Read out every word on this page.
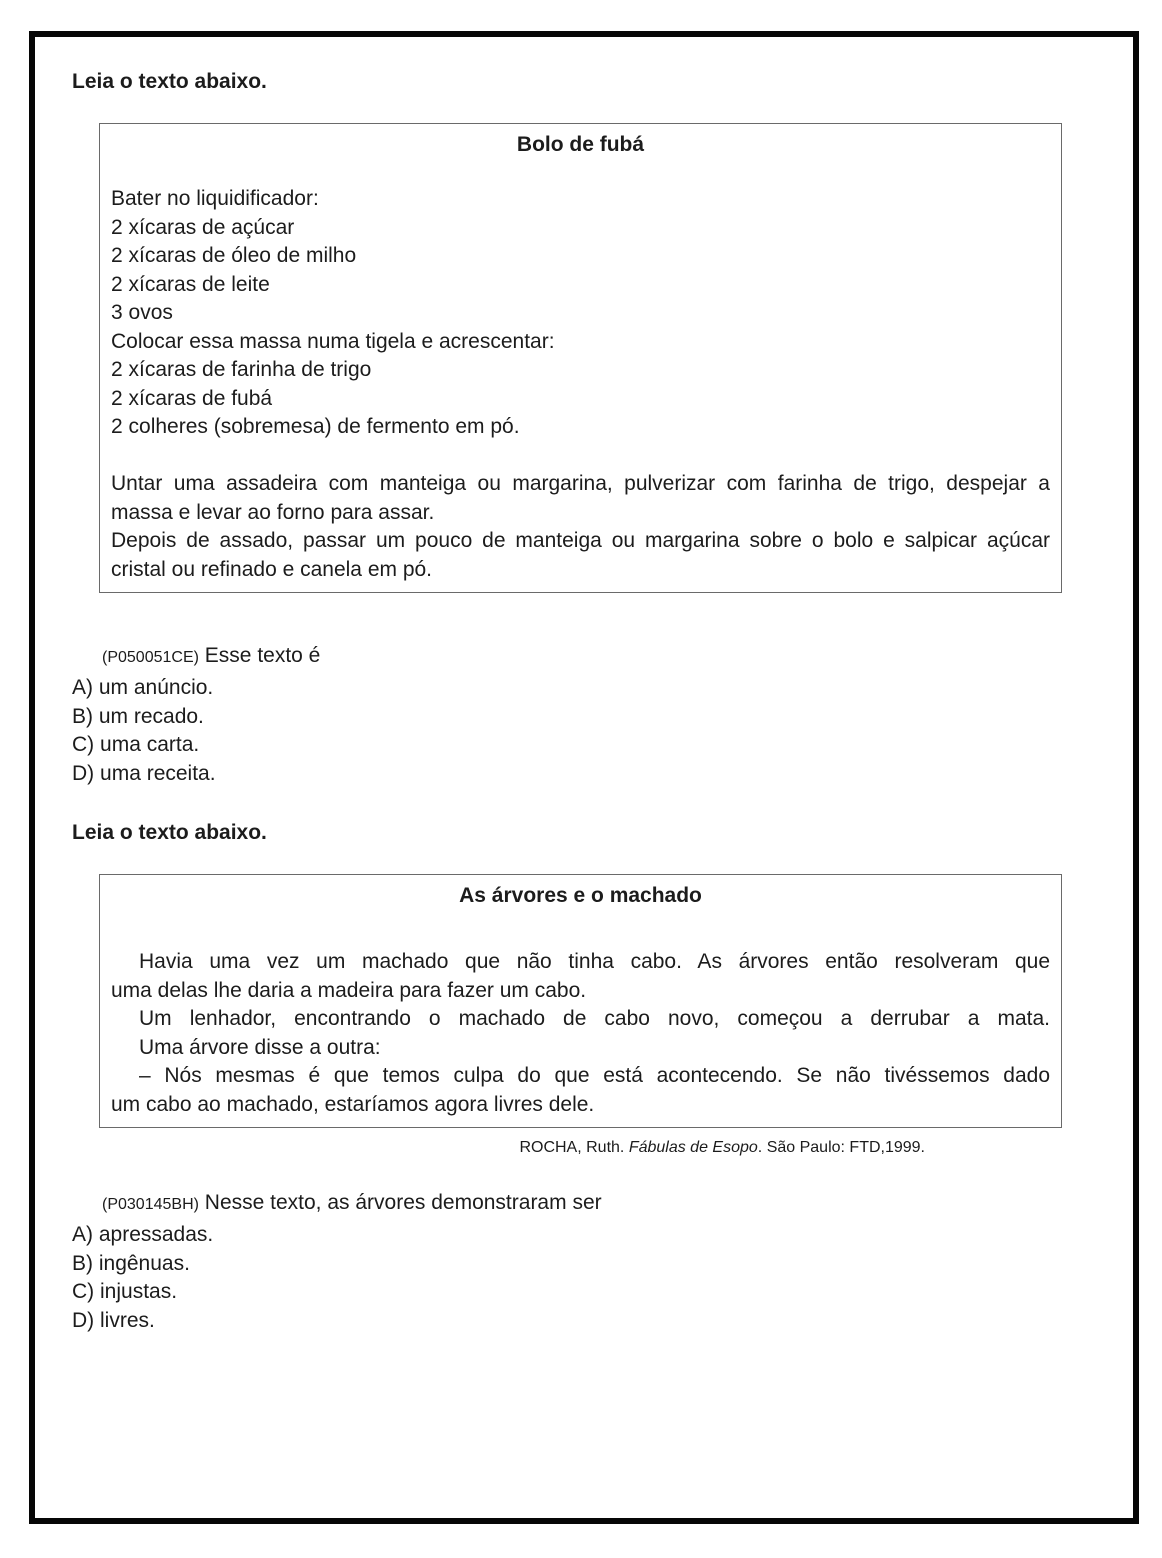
Leia o texto abaixo.
Bolo de fubá
Bater no liquidificador:
2 xícaras de açúcar
2 xícaras de óleo de milho
2 xícaras de leite
3 ovos
Colocar essa massa numa tigela e acrescentar:
2 xícaras de farinha de trigo
2 xícaras de fubá
2 colheres (sobremesa) de fermento em pó.
Untar uma assadeira com manteiga ou margarina, pulverizar com farinha de trigo, despejar a
massa e levar ao forno para assar.
Depois de assado, passar um pouco de manteiga ou margarina sobre o bolo e salpicar açúcar
cristal ou refinado e canela em pó.
(P050051CE) Esse texto é
A) um anúncio.
B) um recado.
C) uma carta.
D) uma receita.
Leia o texto abaixo.
As árvores e o machado
Havia uma vez um machado que não tinha cabo. As árvores então resolveram que
uma delas lhe daria a madeira para fazer um cabo.
Um lenhador, encontrando o machado de cabo novo, começou a derrubar a mata.
Uma árvore disse a outra:
– Nós mesmas é que temos culpa do que está acontecendo. Se não tivéssemos dado
um cabo ao machado, estaríamos agora livres dele.
ROCHA, Ruth. Fábulas de Esopo. São Paulo: FTD,1999.
(P030145BH) Nesse texto, as árvores demonstraram ser
A) apressadas.
B) ingênuas.
C) injustas.
D) livres.
